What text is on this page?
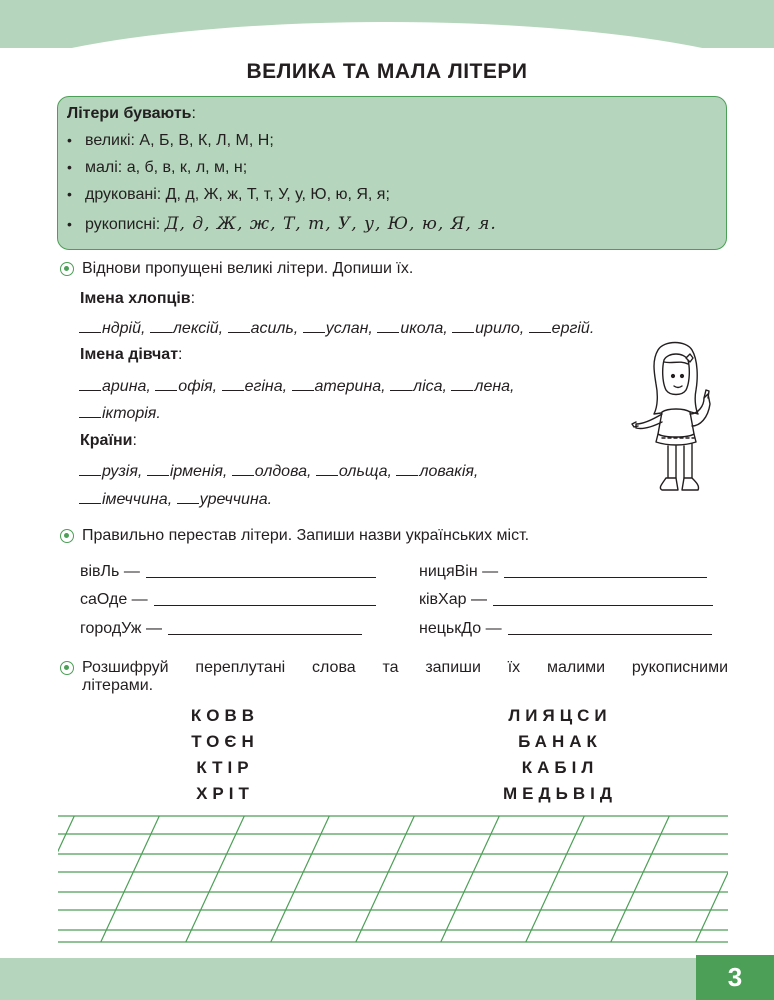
ВЕЛИКА ТА МАЛА ЛІТЕРИ
Літери бувають:
• великі:
А, Б, В, К, Л, М, Н;
• малі:
а, б, в, к, л, м, н;
• друковані:
Д, д, Ж, ж, Т, т, У, у, Ю, ю, Я, я;
• рукописні:
Д, д, Ж, ж, Т, т, У, у, Ю, ю, Я, я.
Віднови пропущені великі літери. Допиши їх.
Імена хлопців:
ндрій, лексій, асиль, услан, икола, ирило, ергій.
Імена дівчат:
арина, офія, егіна, атерина, ліса, лена,
ікторія.
Країни:
рузія, ірменія, олдова, ольща, ловакія,
імеччина, уреччина.
Правильно перестав літери. Запиши назви українських міст.
вівЛь —
саОде —
городУж —
ницяВін —
ківХар —
нецькДо —
Розшифруй переплутані слова та запиши їх малими рукописними
літерами.
КОВВ
ТОЄН
КТІР
ХРІТ
ЛИЯЦСИ
БАНАК
КАБІЛ
МЕДЬВІД
3
